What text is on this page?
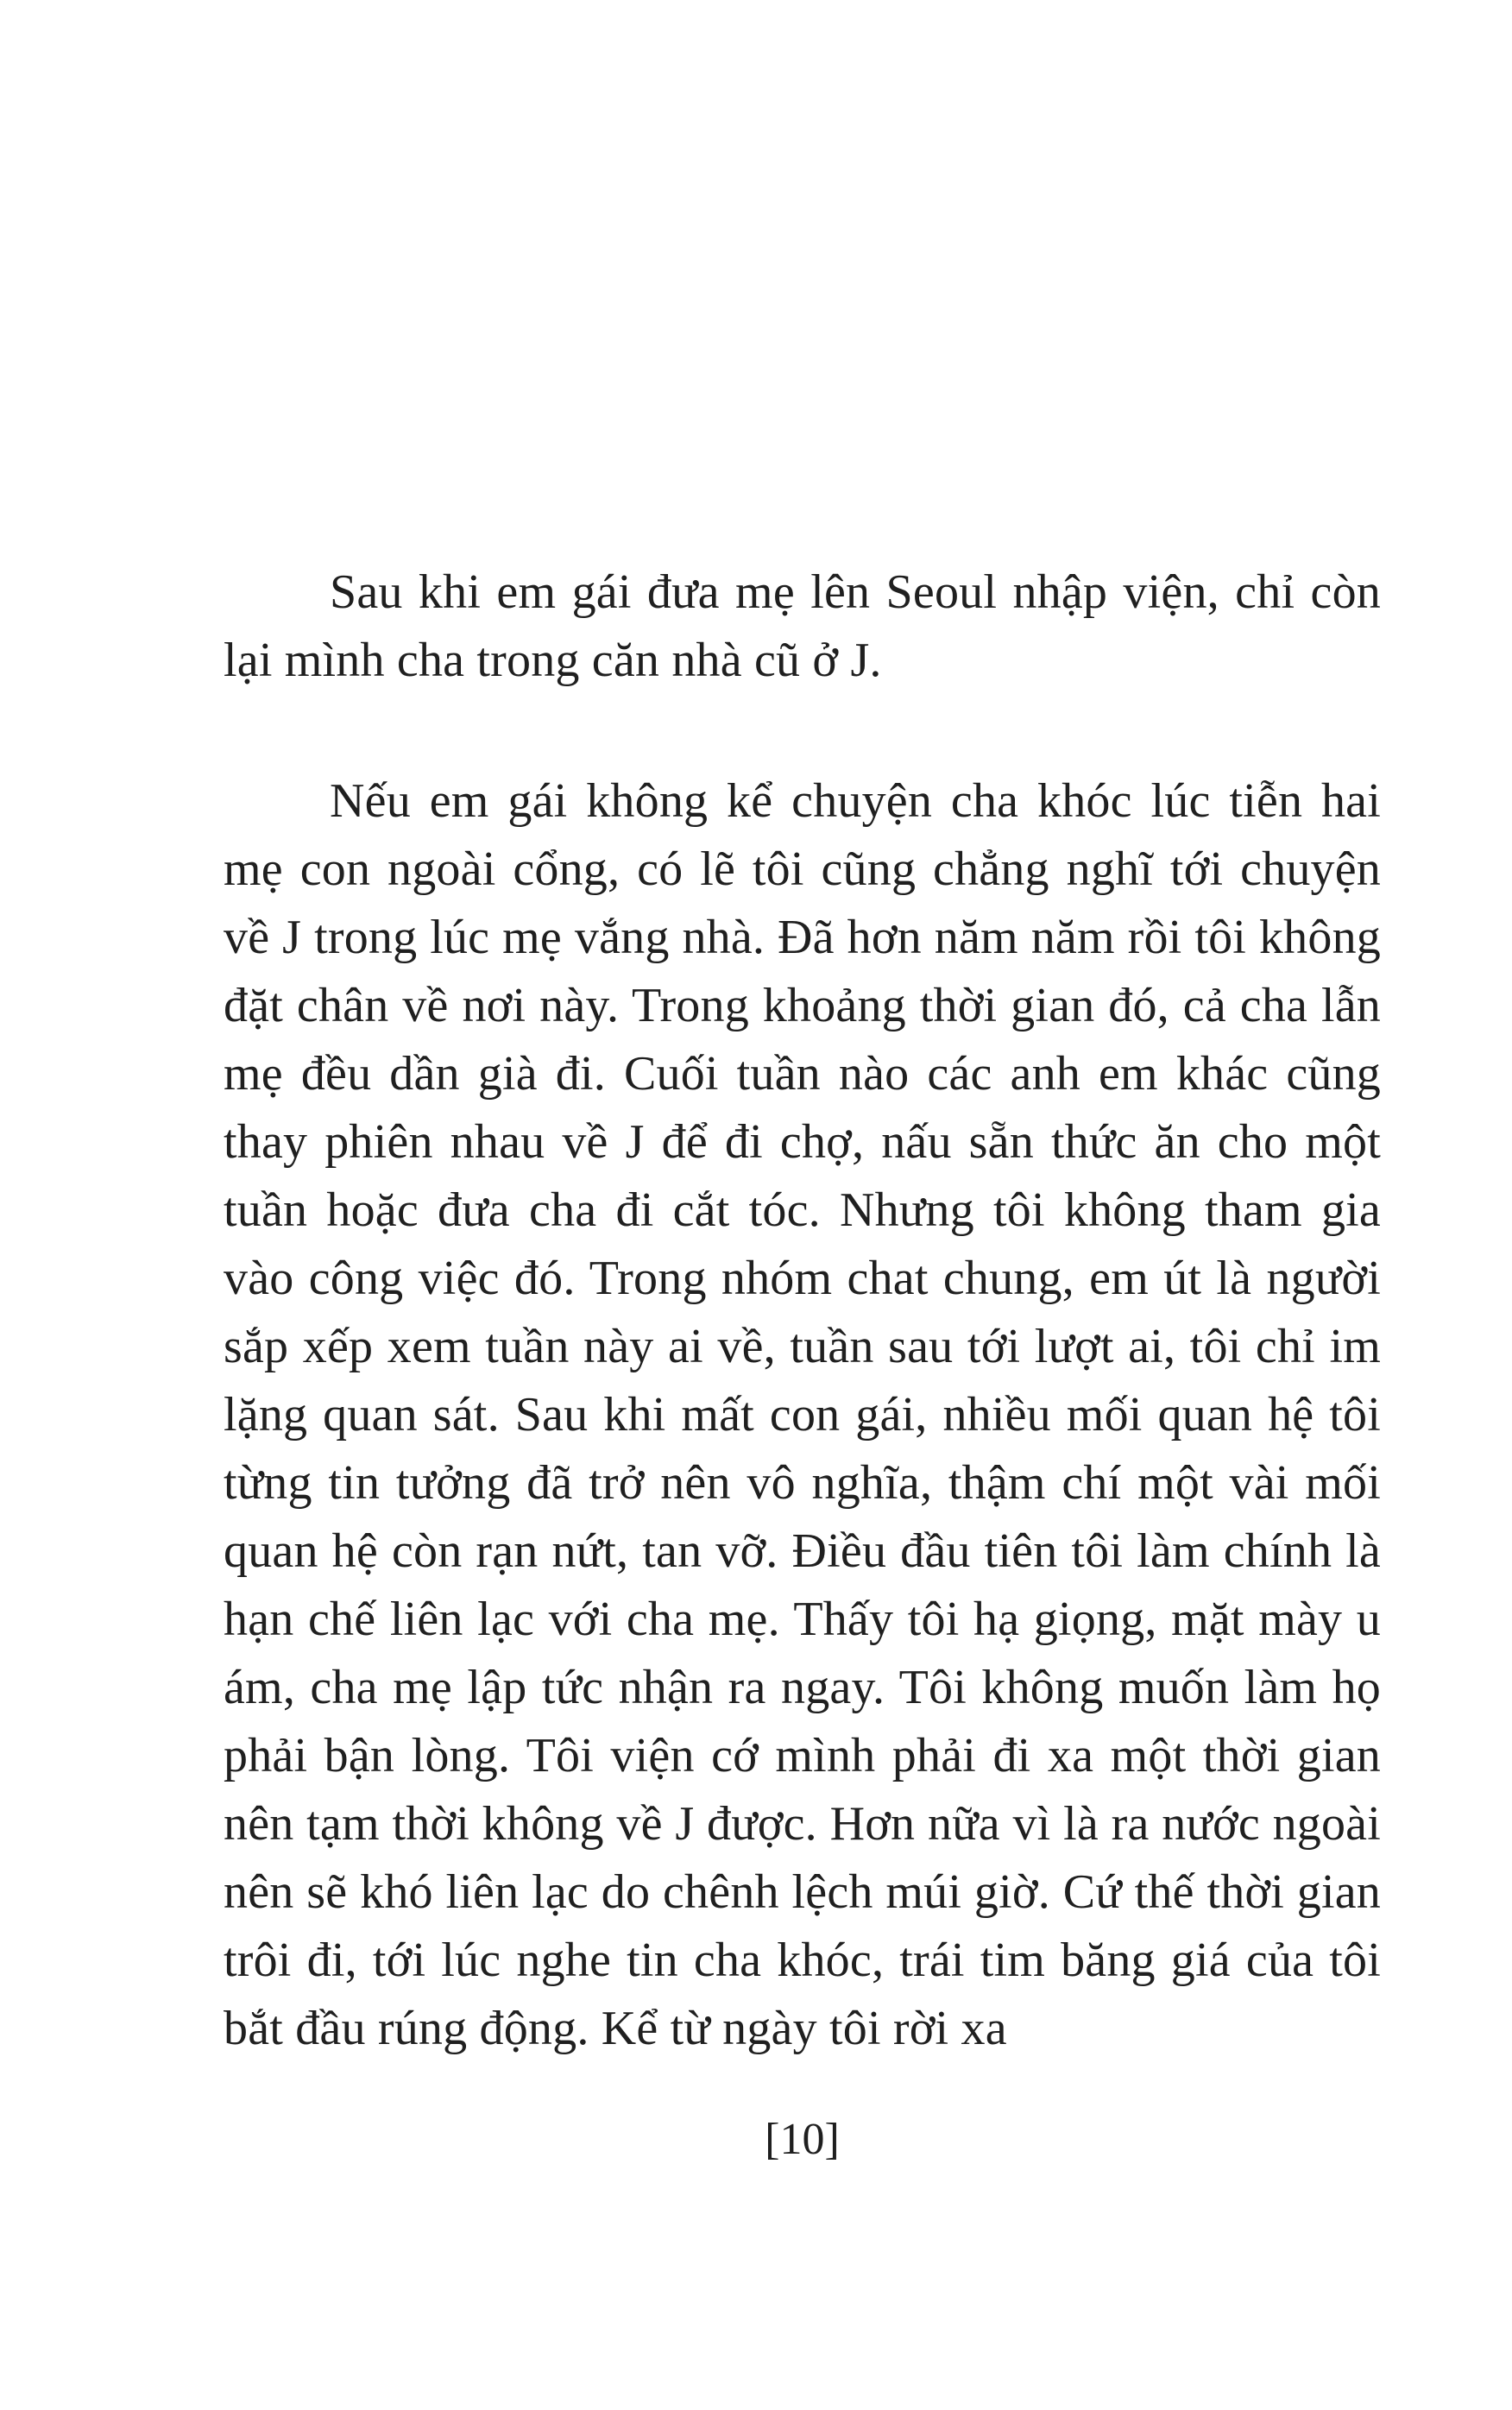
Sau khi em gái đưa mẹ lên Seoul nhập viện, chỉ còn lại mình cha trong căn nhà cũ ở J.

Nếu em gái không kể chuyện cha khóc lúc tiễn hai mẹ con ngoài cổng, có lẽ tôi cũng chẳng nghĩ tới chuyện về J trong lúc mẹ vắng nhà. Đã hơn năm năm rồi tôi không đặt chân về nơi này. Trong khoảng thời gian đó, cả cha lẫn mẹ đều dần già đi. Cuối tuần nào các anh em khác cũng thay phiên nhau về J để đi chợ, nấu sẵn thức ăn cho một tuần hoặc đưa cha đi cắt tóc. Nhưng tôi không tham gia vào công việc đó. Trong nhóm chat chung, em út là người sắp xếp xem tuần này ai về, tuần sau tới lượt ai, tôi chỉ im lặng quan sát. Sau khi mất con gái, nhiều mối quan hệ tôi từng tin tưởng đã trở nên vô nghĩa, thậm chí một vài mối quan hệ còn rạn nứt, tan vỡ. Điều đầu tiên tôi làm chính là hạn chế liên lạc với cha mẹ. Thấy tôi hạ giọng, mặt mày u ám, cha mẹ lập tức nhận ra ngay. Tôi không muốn làm họ phải bận lòng. Tôi viện cớ mình phải đi xa một thời gian nên tạm thời không về J được. Hơn nữa vì là ra nước ngoài nên sẽ khó liên lạc do chênh lệch múi giờ. Cứ thế thời gian trôi đi, tới lúc nghe tin cha khóc, trái tim băng giá của tôi bắt đầu rúng động. Kể từ ngày tôi rời xa

[10]
